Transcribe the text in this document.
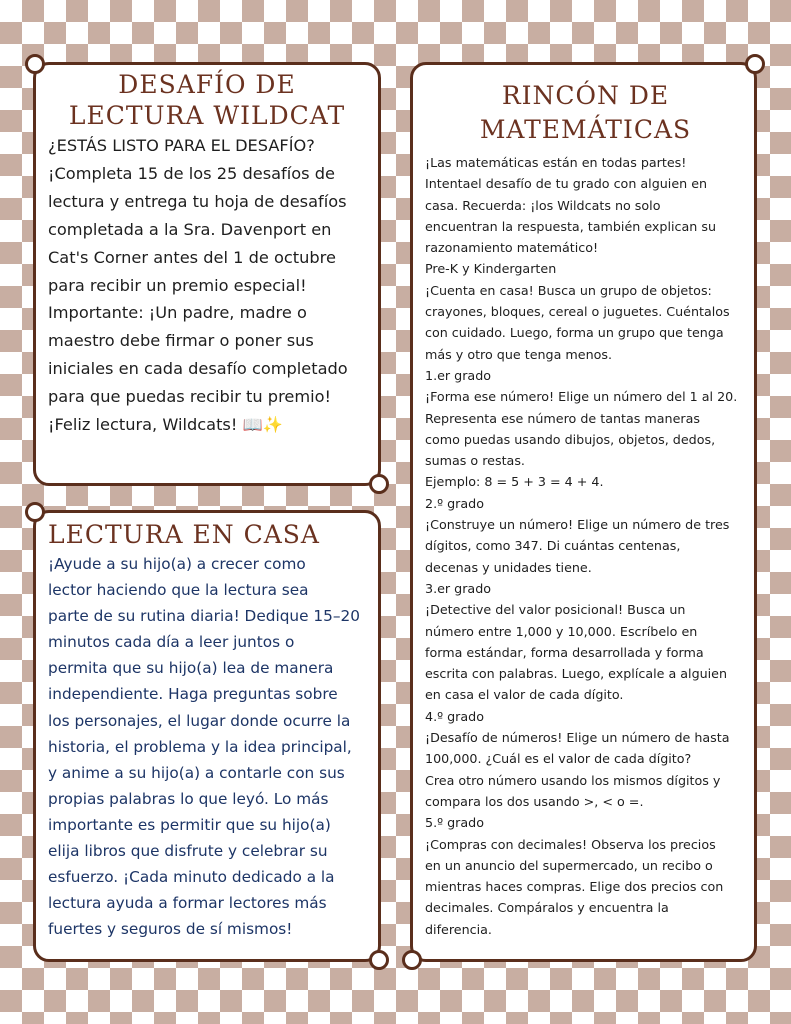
DESAFÍO DE LECTURA WILDCAT
¿ESTÁS LISTO PARA EL DESAFÍO?
¡Completa 15 de los 25 desafíos de
lectura y entrega tu hoja de desafíos
completada a la Sra. Davenport en
Cat's Corner antes del 1 de octubre
para recibir un premio especial!
Importante: ¡Un padre, madre o
maestro debe firmar o poner sus
iniciales en cada desafío completado
para que puedas recibir tu premio!
¡Feliz lectura, Wildcats! 📖✨
LECTURA EN CASA
¡Ayude a su hijo(a) a crecer como
lector haciendo que la lectura sea
parte de su rutina diaria! Dedique 15–20
minutos cada día a leer juntos o
permita que su hijo(a) lea de manera
independiente. Haga preguntas sobre
los personajes, el lugar donde ocurre la
historia, el problema y la idea principal,
y anime a su hijo(a) a contarle con sus
propias palabras lo que leyó. Lo más
importante es permitir que su hijo(a)
elija libros que disfrute y celebrar su
esfuerzo. ¡Cada minuto dedicado a la
lectura ayuda a formar lectores más
fuertes y seguros de sí mismos!
RINCÓN DE MATEMÁTICAS
¡Las matemáticas están en todas partes!
Intentael desafío de tu grado con alguien en
casa. Recuerda: ¡los Wildcats no solo
encuentran la respuesta, también explican su
razonamiento matemático!
Pre-K y Kindergarten
¡Cuenta en casa! Busca un grupo de objetos:
crayones, bloques, cereal o juguetes. Cuéntalos
con cuidado. Luego, forma un grupo que tenga
más y otro que tenga menos.
1.er grado
¡Forma ese número! Elige un número del 1 al 20.
Representa ese número de tantas maneras
como puedas usando dibujos, objetos, dedos,
sumas o restas.
Ejemplo: 8 = 5 + 3 = 4 + 4.
2.º grado
¡Construye un número! Elige un número de tres
dígitos, como 347. Di cuántas centenas,
decenas y unidades tiene.
3.er grado
¡Detective del valor posicional! Busca un
número entre 1,000 y 10,000. Escríbelo en
forma estándar, forma desarrollada y forma
escrita con palabras. Luego, explícale a alguien
en casa el valor de cada dígito.
4.º grado
¡Desafío de números! Elige un número de hasta
100,000. ¿Cuál es el valor de cada dígito?
Crea otro número usando los mismos dígitos y
compara los dos usando >, < o =.
5.º grado
¡Compras con decimales! Observa los precios
en un anuncio del supermercado, un recibo o
mientras haces compras. Elige dos precios con
decimales. Compáralos y encuentra la
diferencia.
